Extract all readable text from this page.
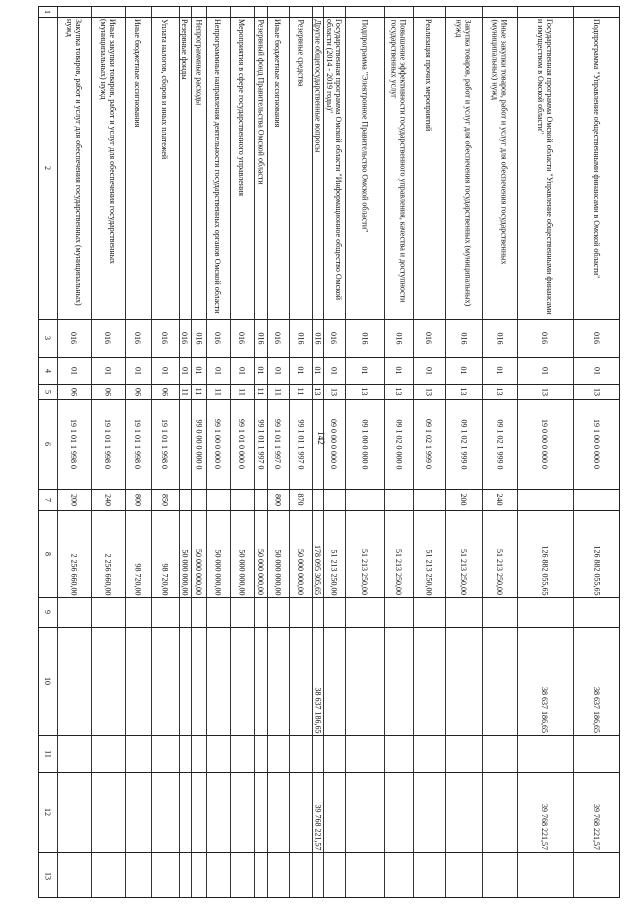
142
1
2
3
4
5
6
7
8
9
10
11
12
13
Закупка товаров, работ и услуг для обеспечения государственных (муниципальных) нужд
016
01
06
19 1 01 1 998 0
200
2 256 660,00
Иные закупки товаров, работ и услуг для обеспечения государственных (муниципальных) нужд
016
01
06
19 1 01 1 998 0
240
2 256 660,00
Иные бюджетные ассигнования
016
01
06
19 1 01 1 998 0
800
98 720,00
Уплата налогов, сборов и иных платежей
016
01
06
19 1 01 1 998 0
850
98 720,00
Резервные фонды
016
01
11
50 000 000,00
Непрограммные расходы
016
01
11
99 0 00 0 000 0
50 000 000,00
Непрограммные направления деятельности государственных органов Омской области
016
01
11
99 1 00 0 000 0
50 000 000,00
Мероприятия в сфере государственного управления
016
01
11
99 1 01 0 000 0
50 000 000,00
Резервный фонд Правительства Омской области
016
01
11
99 1 01 1 997 0
50 000 000,00
Иные бюджетные ассигнования
016
01
11
99 1 01 1 997 0
800
50 000 000,00
Резервные средства
016
01
11
99 1 01 1 997 0
870
50 000 000,00
Другие общегосударственные вопросы
016
01
13
178 095 305,65
38 637 186,65
39 768 221,57
Государственная программа Омской области "Информационное общество Омской области (2014 - 2019 годы)"
016
01
13
09 0 00 0 000 0
51 213 250,00
Подпрограмма "Электронное Правительство Омской области"
016
01
13
09 1 00 0 000 0
51 213 250,00
Повышение эффективности государственного управления, качества и доступности государственных услуг
016
01
13
09 1 02 0 000 0
51 213 250,00
Реализация прочих мероприятий
016
01
13
09 1 02 1 999 0
51 213 250,00
Закупка товаров, работ и услуг для обеспечения государственных (муниципальных) нужд
016
01
13
09 1 02 1 999 0
200
51 213 250,00
Иные закупки товаров, работ и услуг для обеспечения государственных (муниципальных) нужд
016
01
13
09 1 02 1 999 0
240
51 213 250,00
Государственная программа Омской области "Управление общественными финансами и имуществом в Омской области"
016
01
13
19 0 00 0 000 0
126 882 055,65
38 637 186,65
39 768 221,57
Подпрограмма "Управление общественными финансами в Омской области"
016
01
13
19 1 00 0 000 0
126 882 055,65
38 637 186,65
39 768 221,57
